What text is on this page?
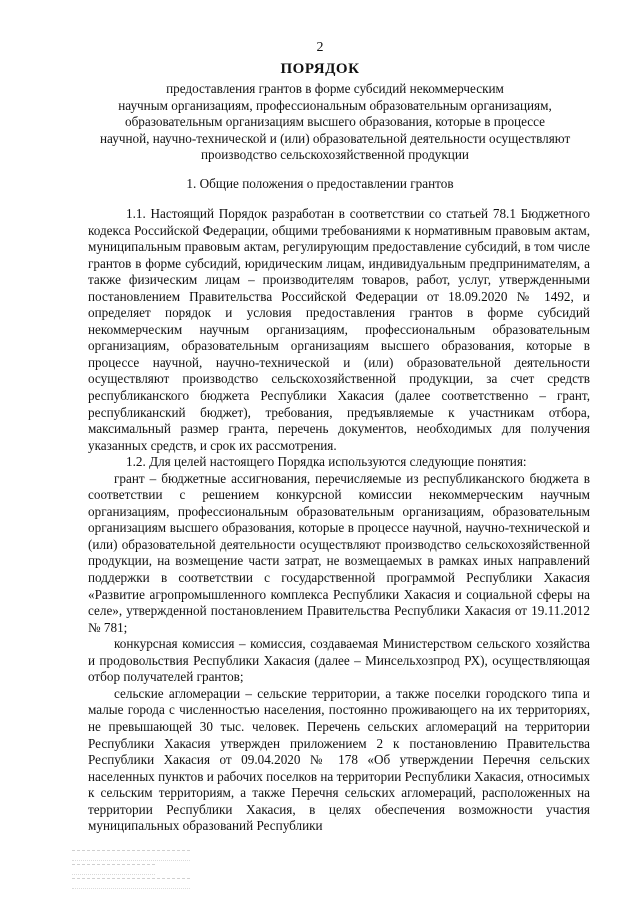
2
ПОРЯДОК
предоставления грантов в форме субсидий некоммерческим
научным организациям, профессиональным образовательным организациям,
образовательным организациям высшего образования, которые в процессе
научной, научно-технической и (или) образовательной деятельности осуществляют
производство сельскохозяйственной продукции
1. Общие положения о предоставлении грантов

1.1. Настоящий Порядок разработан в соответствии со статьей 78.1 Бюджетного кодекса Российской Федерации, общими требованиями к нормативным правовым актам, муниципальным правовым актам, регулирующим предоставление субсидий, в том числе грантов в форме субсидий, юридическим лицам, индивидуальным предпринимателям, а также физическим лицам – производителям товаров, работ, услуг, утвержденными постановлением Правительства Российской Федерации от 18.09.2020 № 1492, и определяет порядок и условия предоставления грантов в форме субсидий некоммерческим научным организациям, профессиональным образовательным организациям, образовательным организациям высшего образования, которые в процессе научной, научно-технической и (или) образовательной деятельности осуществляют производство сельскохозяйственной продукции, за счет средств республиканского бюджета Республики Хакасия (далее соответственно – грант, республиканский бюджет), требования, предъявляемые к участникам отбора, максимальный размер гранта, перечень документов, необходимых для получения указанных средств, и срок их рассмотрения.

1.2. Для целей настоящего Порядка используются следующие понятия:

грант – бюджетные ассигнования, перечисляемые из республиканского бюджета в соответствии с решением конкурсной комиссии некоммерческим научным организациям, профессиональным образовательным организациям, образовательным организациям высшего образования, которые в процессе научной, научно-технической и (или) образовательной деятельности осуществляют производство сельскохозяйственной продукции, на возмещение части затрат, не возмещаемых в рамках иных направлений поддержки в соответствии с государственной программой Республики Хакасия «Развитие агропромышленного комплекса Республики Хакасия и социальной сферы на селе», утвержденной постановлением Правительства Республики Хакасия от 19.11.2012 № 781;

конкурсная комиссия – комиссия, создаваемая Министерством сельского хозяйства и продовольствия Республики Хакасия (далее – Минсельхозпрод РХ), осуществляющая отбор получателей грантов;

сельские агломерации – сельские территории, а также поселки городского типа и малые города с численностью населения, постоянно проживающего на их территориях, не превышающей 30 тыс. человек. Перечень сельских агломераций на территории Республики Хакасия утвержден приложением 2 к постановлению Правительства Республики Хакасия от 09.04.2020 № 178 «Об утверждении Перечня сельских населенных пунктов и рабочих поселков на территории Республики Хакасия, относимых к сельским территориям, а также Перечня сельских агломераций, расположенных на территории Республики Хакасия, в целях обеспечения возможности участия муниципальных образований Республики
